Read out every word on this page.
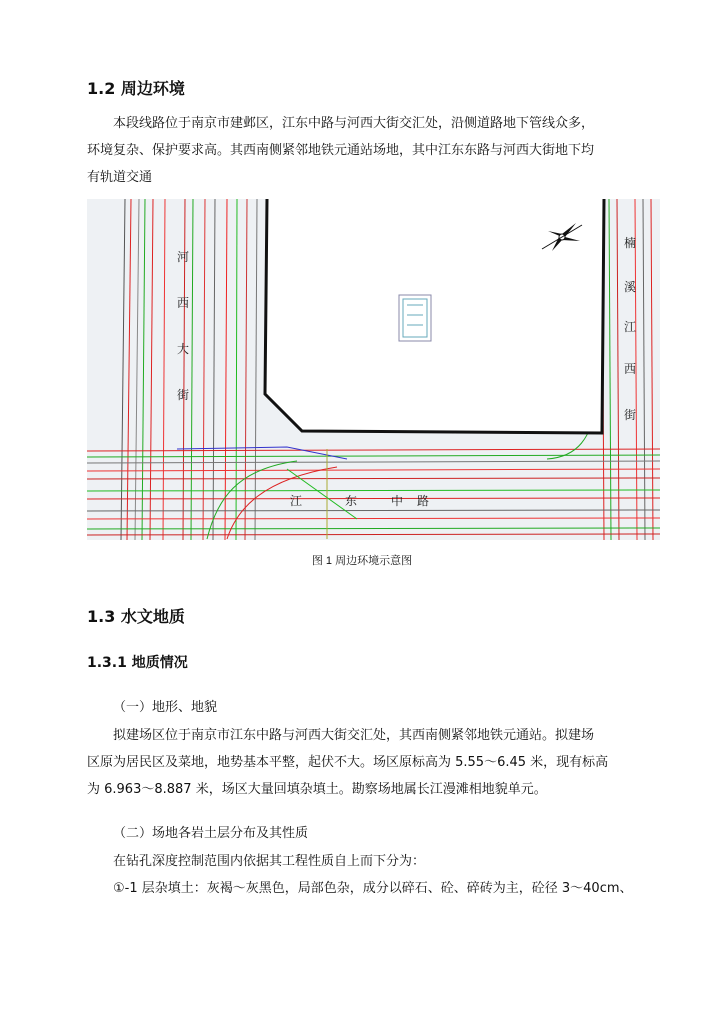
1.2 周边环境
本段线路位于南京市建邺区，江东中路与河西大街交汇处，沿侧道路地下管线众多，
环境复杂、保护要求高。其西南侧紧邻地铁元通站场地，其中江东东路与河西大街地下均
有轨道交通
河
西
大
街
楠
溪
江
西
街
江	东	中 路
图 1 周边环境示意图
1.3 水文地质
1.3.1 地质情况
（一）地形、地貌
拟建场区位于南京市江东中路与河西大街交汇处，其西南侧紧邻地铁元通站。拟建场
区原为居民区及菜地，地势基本平整，起伏不大。场区原标高为 5.55～6.45 米，现有标高
为 6.963～8.887 米，场区大量回填杂填土。勘察场地属长江漫滩相地貌单元。
（二）场地各岩土层分布及其性质
在钻孔深度控制范围内依据其工程性质自上而下分为：
①-1 层杂填土：灰褐～灰黑色，局部色杂，成分以碎石、砼、碎砖为主，砼径 3～40cm、
